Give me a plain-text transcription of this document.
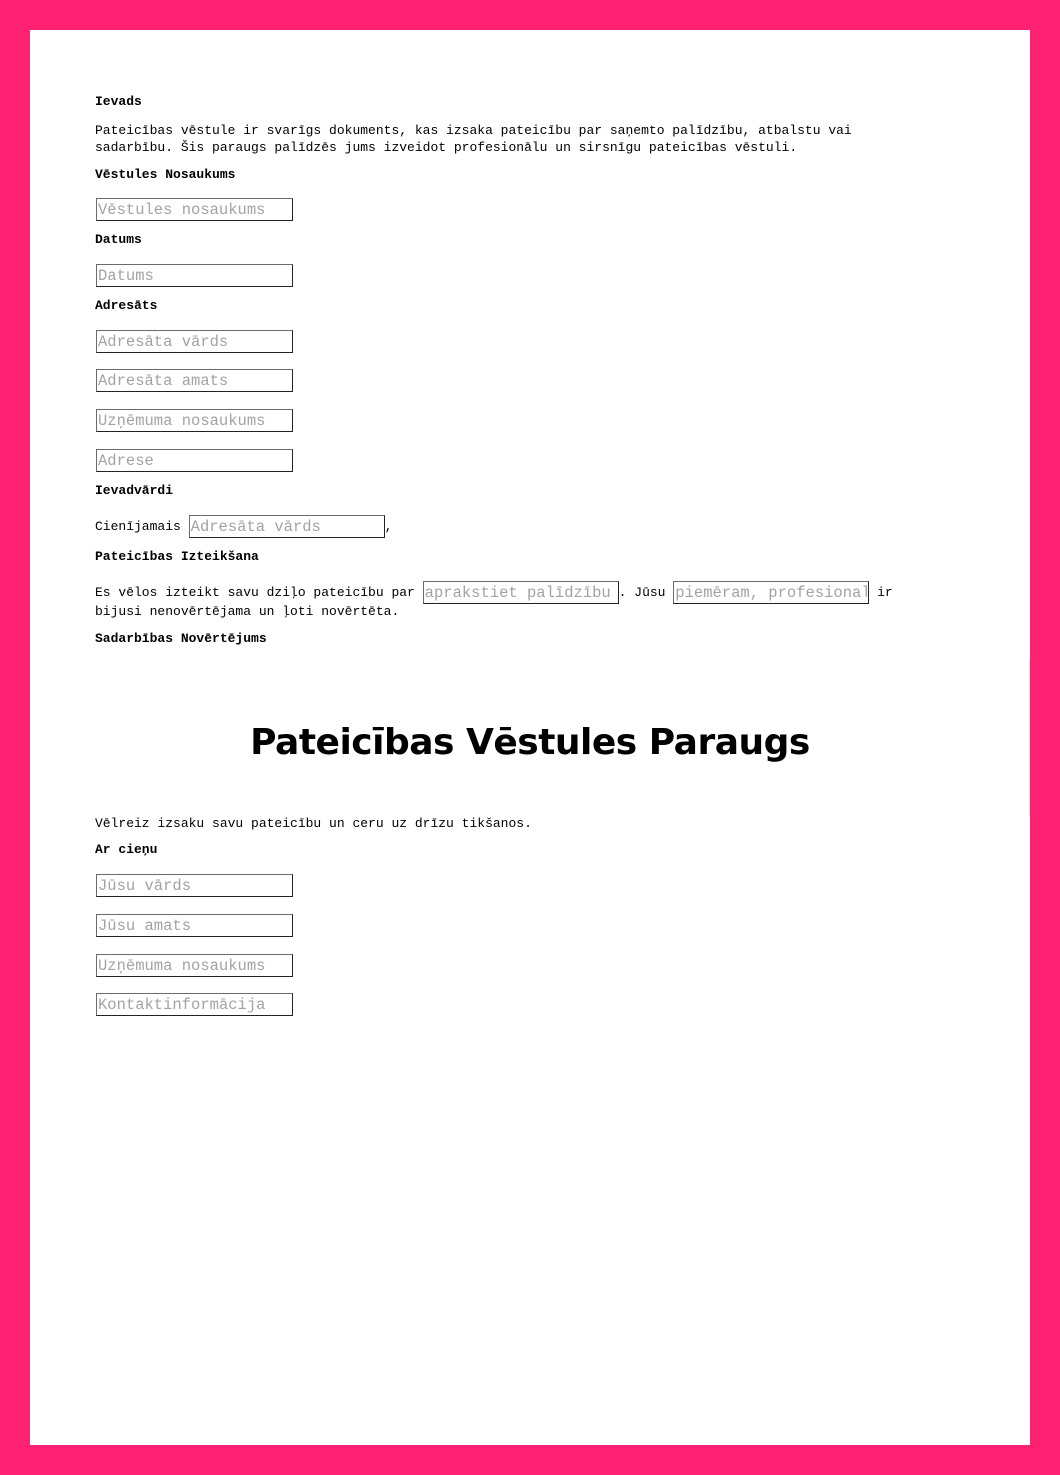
Ievads

Pateicības vēstule ir svarīgs dokuments, kas izsaka pateicību par saņemto palīdzību, atbalstu vai sadarbību. Šis paraugs palīdzēs jums izveidot profesionālu un sirsnīgu pateicības vēstuli.

Vēstules Nosaukums
Vēstules nosaukums
Datums
Datums
Adresāts
Adresāta vārds
Adresāta amats
Uzņēmuma nosaukums
Adrese
Ievadvārdi
Cienījamais Adresāta vārds	,
Pateicības Izteikšana
Es vēlos izteikt savu dziļo pateicību par aprakstiet palīdzību	. Jūsu piemēram, profesionalitāte	ir
bijusi nenovērtējama un ļoti novērtēta.
Sadarbības Novērtējums
Vēlreiz izsaku savu pateicību un ceru uz drīzu tikšanos.
Ar cieņu
Jūsu vārds
Jūsu amats
Uzņēmuma nosaukums
Kontaktinformācija
Pateicības Vēstules Paraugs
